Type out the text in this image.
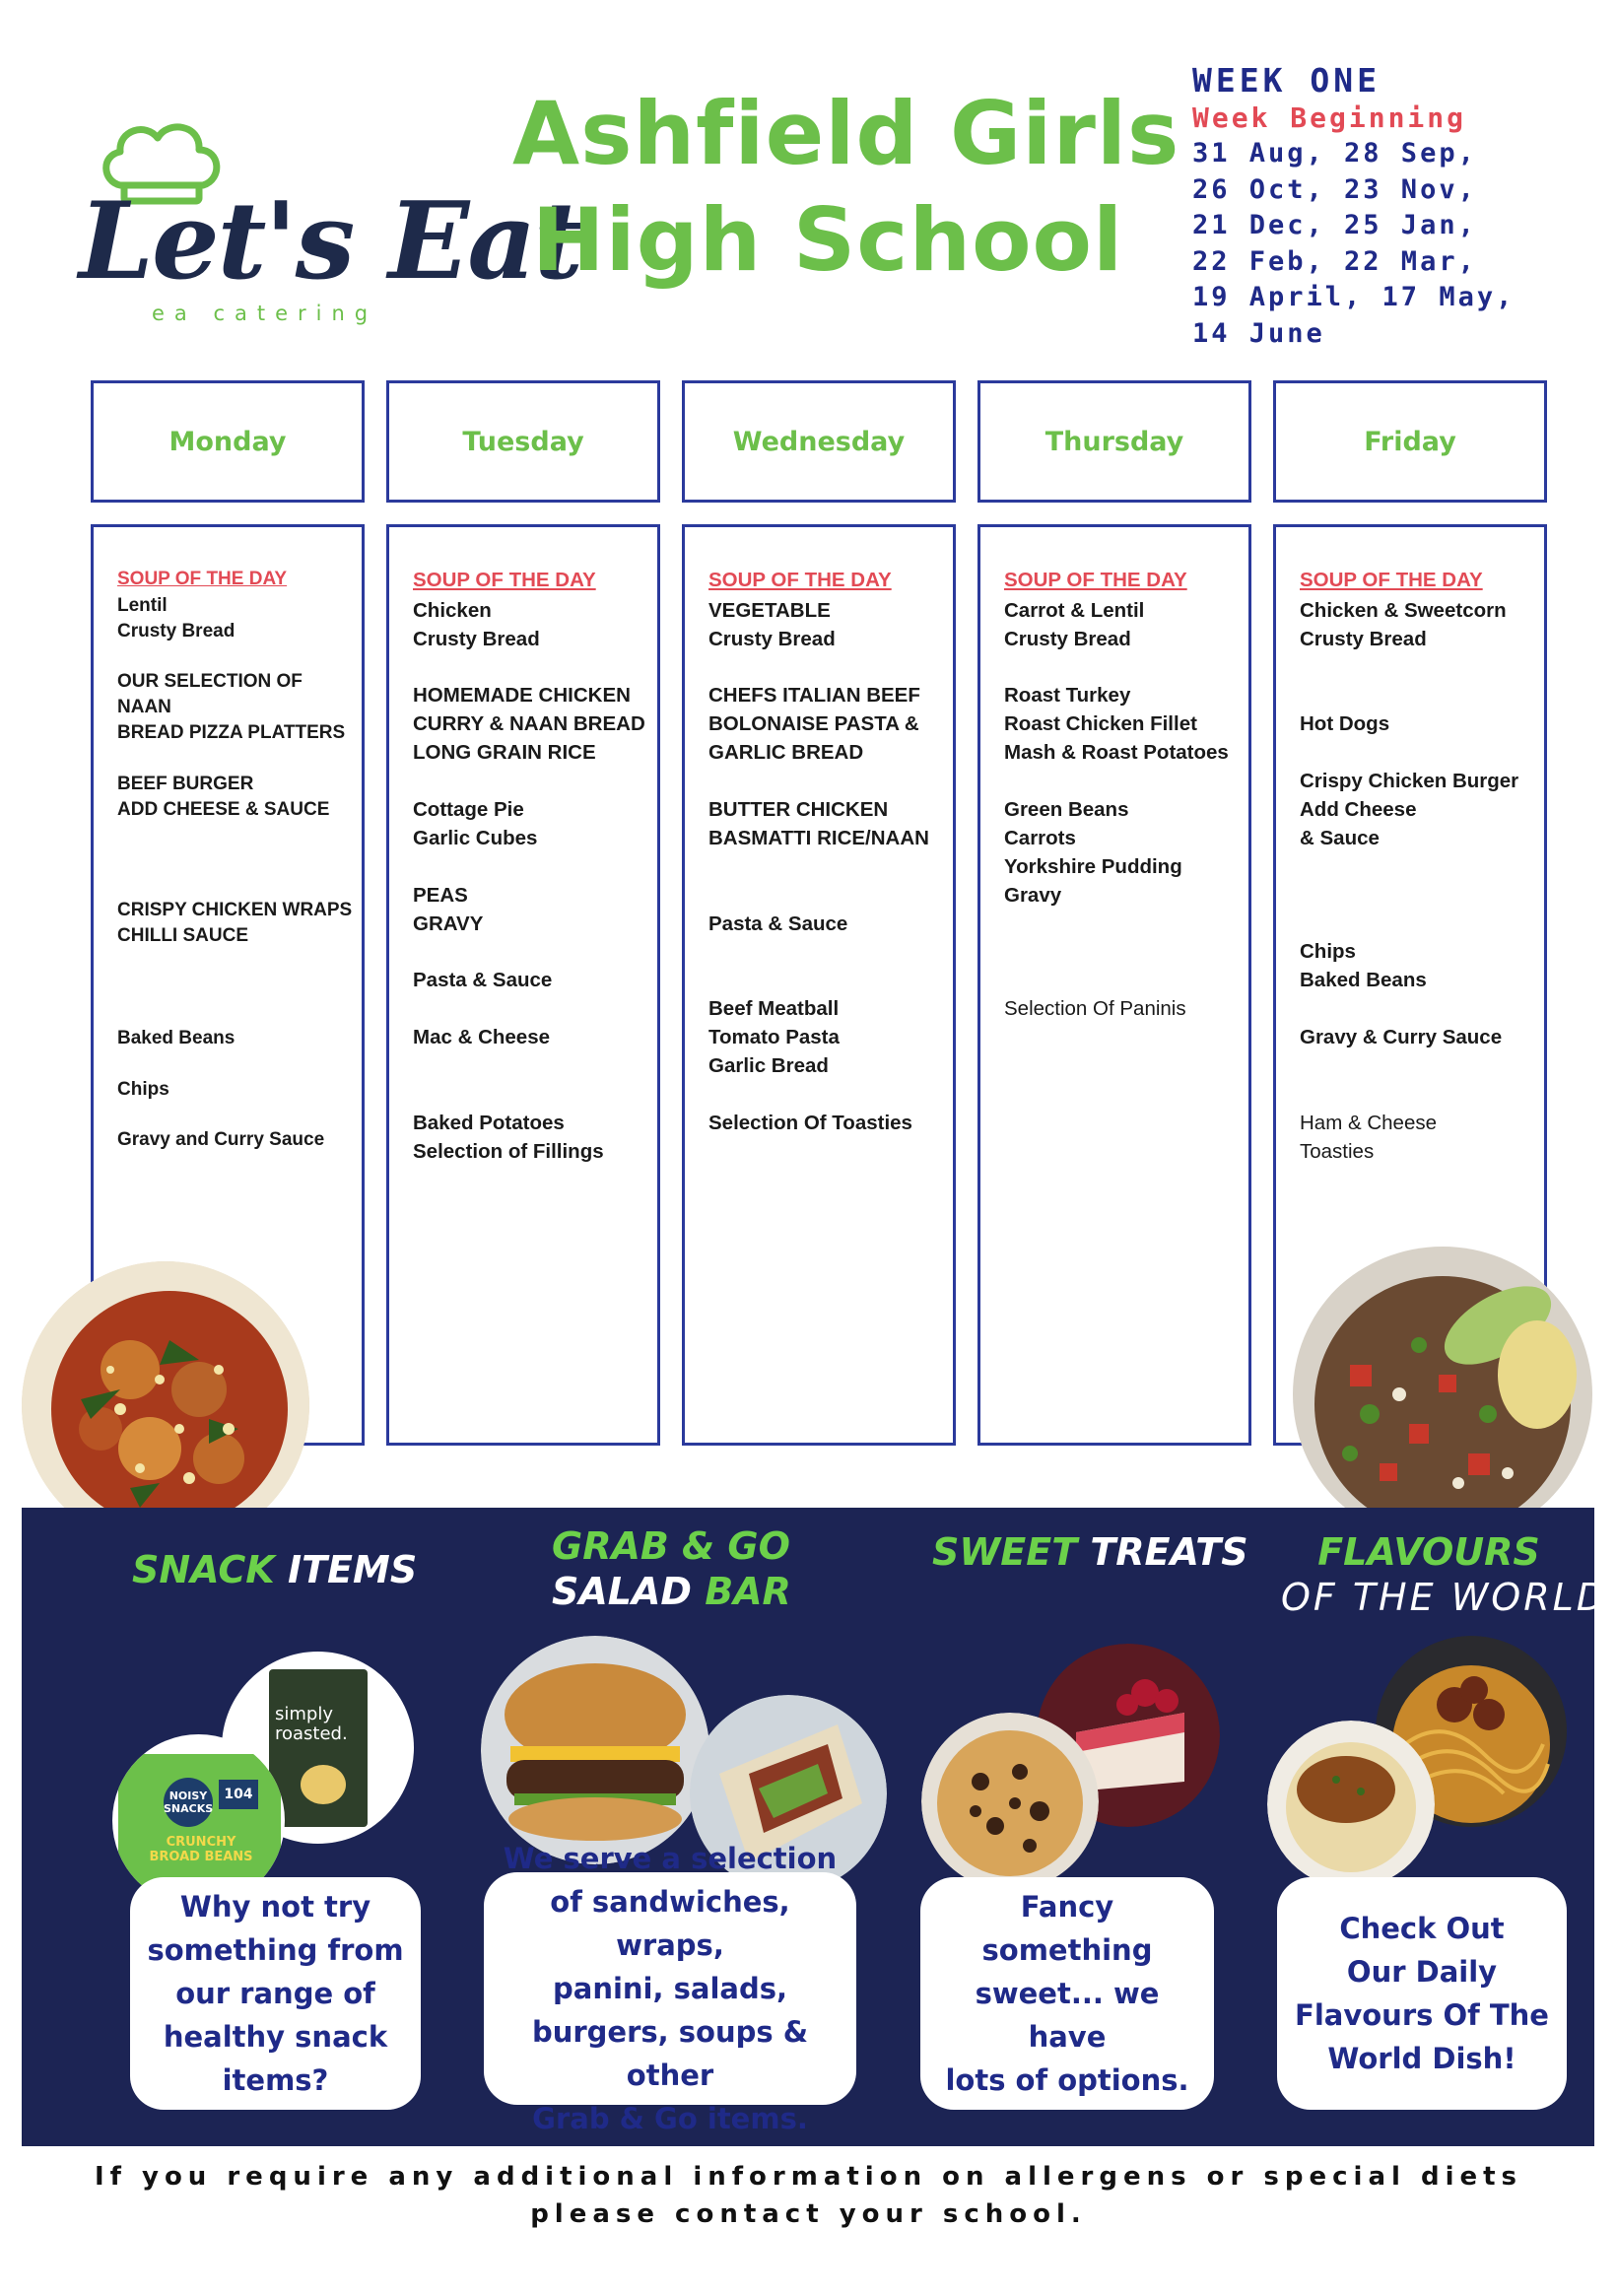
Let's Eat
ea catering
Ashfield Girls
High School
WEEK ONE
Week Beginning
31 Aug, 28 Sep,
26 Oct, 23 Nov,
21 Dec, 25 Jan,
22 Feb, 22 Mar,
19 April, 17 May,
14 June
Monday	Tuesday	Wednesday	Thursday	Friday
SOUP OF THE DAY
Lentil
Crusty Bread
OUR SELECTION OF NAAN
BREAD PIZZA PLATTERS
BEEF BURGER
ADD CHEESE & SAUCE
CRISPY CHICKEN WRAPS
CHILLI SAUCE
Baked Beans
Chips
Gravy and Curry Sauce
SOUP OF THE DAY
Chicken
Crusty Bread
HOMEMADE CHICKEN
CURRY & NAAN BREAD
LONG GRAIN RICE
Cottage Pie
Garlic Cubes
PEAS
GRAVY
Pasta & Sauce
Mac & Cheese
Baked Potatoes
Selection of Fillings
SOUP OF THE DAY
VEGETABLE
Crusty Bread
CHEFS ITALIAN BEEF
BOLONAISE PASTA &
GARLIC BREAD
BUTTER CHICKEN
BASMATTI RICE/NAAN
Pasta & Sauce
Beef Meatball
Tomato Pasta
Garlic Bread
Selection Of Toasties
SOUP OF THE DAY
Carrot & Lentil
Crusty Bread
Roast Turkey
Roast Chicken Fillet
Mash & Roast Potatoes
Green Beans
Carrots
Yorkshire Pudding
Gravy
Selection Of Paninis
SOUP OF THE DAY
Chicken & Sweetcorn
Crusty Bread
Hot Dogs
Crispy Chicken Burger
Add Cheese
& Sauce
Chips
Baked Beans
Gravy & Curry Sauce
Ham & Cheese
Toasties
SNACK ITEMS
simply
roasted.
NOISY
SNACKS
104
CRUNCHY
BROAD BEANS
Why not try
something from
our range of
healthy snack
items?
GRAB & GO
SALAD BAR
We serve a selection
of sandwiches, wraps,
panini, salads,
burgers, soups & other
Grab & Go items.
SWEET TREATS
Fancy something
sweet... we have
lots of options.
FLAVOURS
OF THE WORLD
Check Out
Our Daily
Flavours Of The
World Dish!
If you require any additional information on allergens or special diets
please contact your school.
